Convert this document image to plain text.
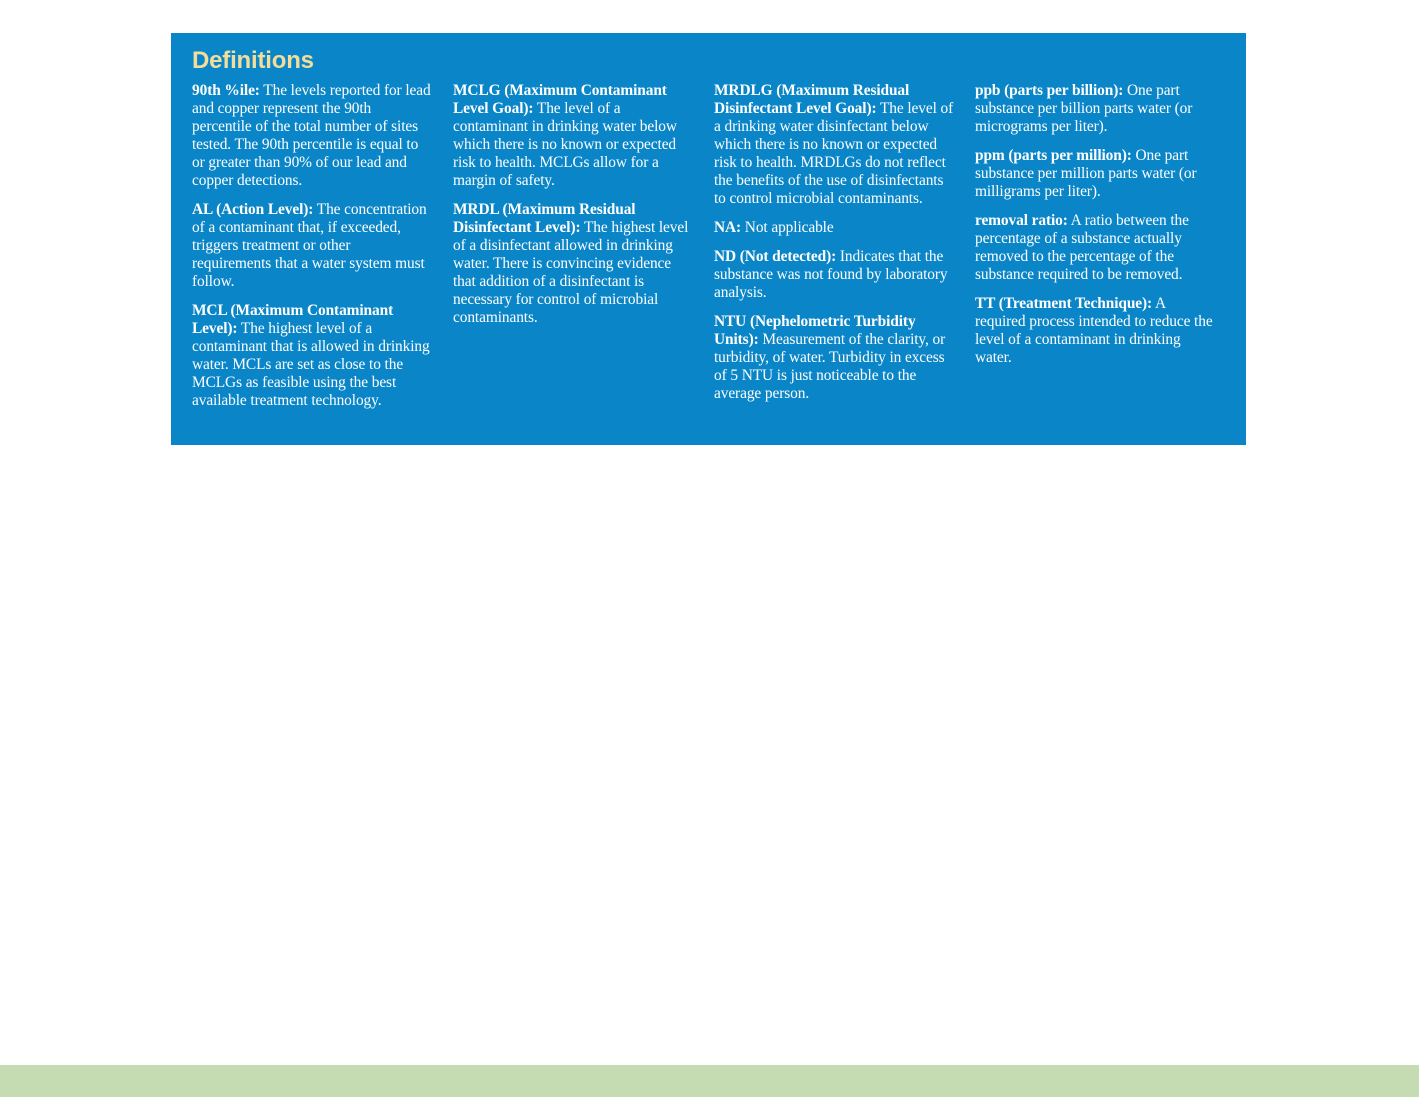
Definitions

90th %ile: The levels reported for lead and copper represent the 90th percentile of the total number of sites tested. The 90th percentile is equal to or greater than 90% of our lead and copper detections.

AL (Action Level): The concentration of a contaminant that, if exceeded, triggers treatment or other requirements that a water system must follow.

MCL (Maximum Contaminant Level): The highest level of a contaminant that is allowed in drinking water. MCLs are set as close to the MCLGs as feasible using the best available treatment technology.

MCLG (Maximum Contaminant Level Goal): The level of a contaminant in drinking water below which there is no known or expected risk to health. MCLGs allow for a margin of safety.

MRDL (Maximum Residual Disinfectant Level): The highest level of a disinfectant allowed in drinking water. There is convincing evidence that addition of a disinfectant is necessary for control of microbial contaminants.

MRDLG (Maximum Residual Disinfectant Level Goal): The level of a drinking water disinfectant below which there is no known or expected risk to health. MRDLGs do not reflect the benefits of the use of disinfectants to control microbial contaminants.

NA: Not applicable

ND (Not detected): Indicates that the substance was not found by laboratory analysis.

NTU (Nephelometric Turbidity Units): Measurement of the clarity, or turbidity, of water. Turbidity in excess of 5 NTU is just noticeable to the average person.

ppb (parts per billion): One part substance per billion parts water (or micrograms per liter).

ppm (parts per million): One part substance per million parts water (or milligrams per liter).

removal ratio: A ratio between the percentage of a substance actually removed to the percentage of the substance required to be removed.

TT (Treatment Technique): A required process intended to reduce the level of a contaminant in drinking water.
